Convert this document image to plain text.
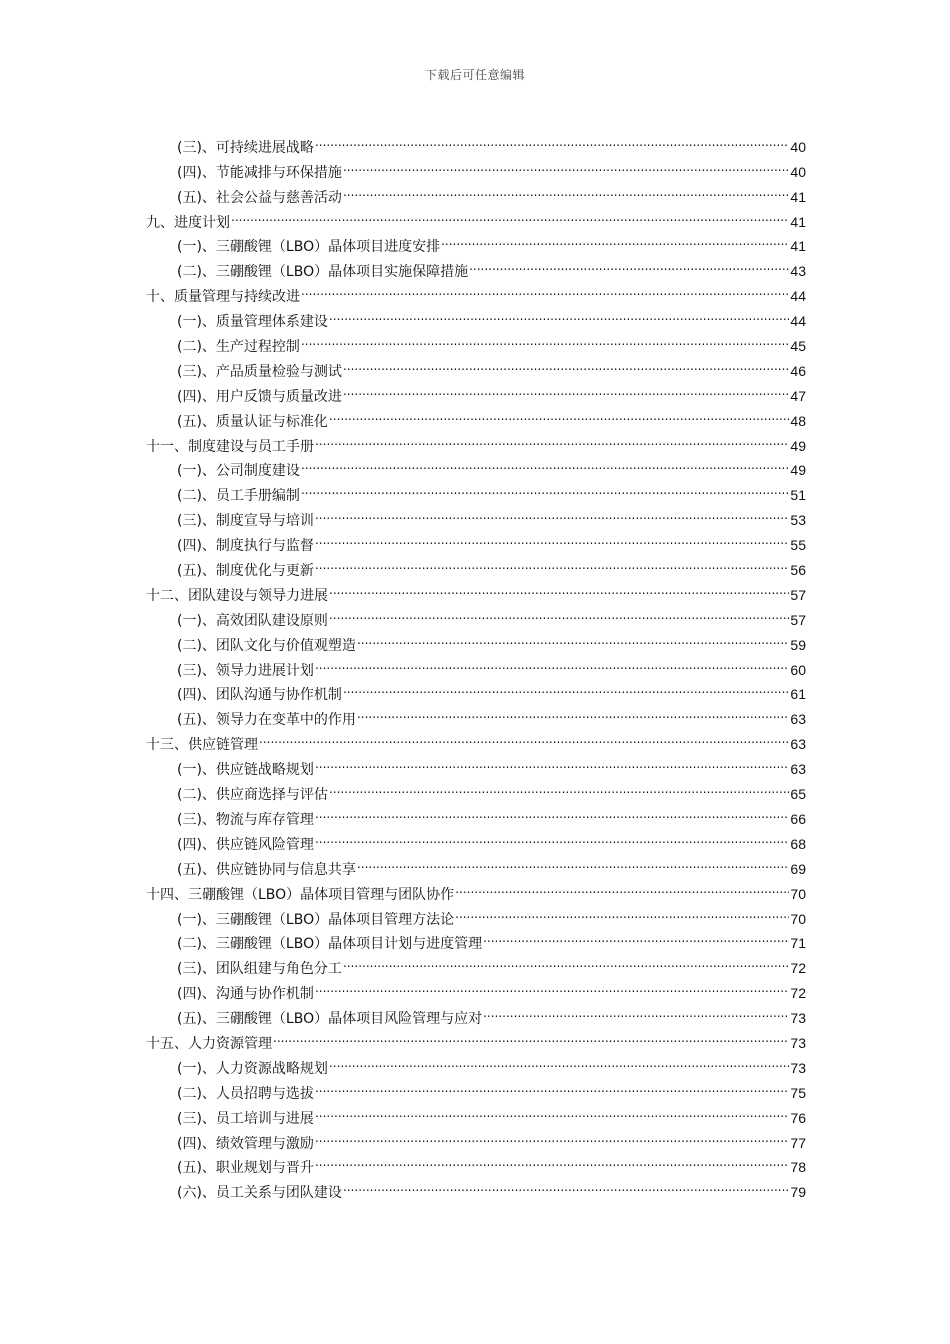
下载后可任意编辑
(三)、可持续进展战略 .....	40
(四)、节能减排与环保措施 .....	40
(五)、社会公益与慈善活动 .....	41
九、进度计划 .....	41
(一)、三硼酸锂（LBO）晶体项目进度安排 .....	41
(二)、三硼酸锂（LBO）晶体项目实施保障措施 .....	43
十、质量管理与持续改进 .....	44
(一)、质量管理体系建设 .....	44
(二)、生产过程控制 .....	45
(三)、产品质量检验与测试 .....	46
(四)、用户反馈与质量改进 .....	47
(五)、质量认证与标准化 .....	48
十一、制度建设与员工手册 .....	49
(一)、公司制度建设 .....	49
(二)、员工手册编制 .....	51
(三)、制度宣导与培训 .....	53
(四)、制度执行与监督 .....	55
(五)、制度优化与更新 .....	56
十二、团队建设与领导力进展 .....	57
(一)、高效团队建设原则 .....	57
(二)、团队文化与价值观塑造 .....	59
(三)、领导力进展计划 .....	60
(四)、团队沟通与协作机制 .....	61
(五)、领导力在变革中的作用 .....	63
十三、供应链管理 .....	63
(一)、供应链战略规划 .....	63
(二)、供应商选择与评估 .....	65
(三)、物流与库存管理 .....	66
(四)、供应链风险管理 .....	68
(五)、供应链协同与信息共享 .....	69
十四、三硼酸锂（LBO）晶体项目管理与团队协作 .....	70
(一)、三硼酸锂（LBO）晶体项目管理方法论 .....	70
(二)、三硼酸锂（LBO）晶体项目计划与进度管理 .....	71
(三)、团队组建与角色分工 .....	72
(四)、沟通与协作机制 .....	72
(五)、三硼酸锂（LBO）晶体项目风险管理与应对 .....	73
十五、人力资源管理 .....	73
(一)、人力资源战略规划 .....	73
(二)、人员招聘与选拔 .....	75
(三)、员工培训与进展 .....	76
(四)、绩效管理与激励 .....	77
(五)、职业规划与晋升 .....	78
(六)、员工关系与团队建设 .....	79
